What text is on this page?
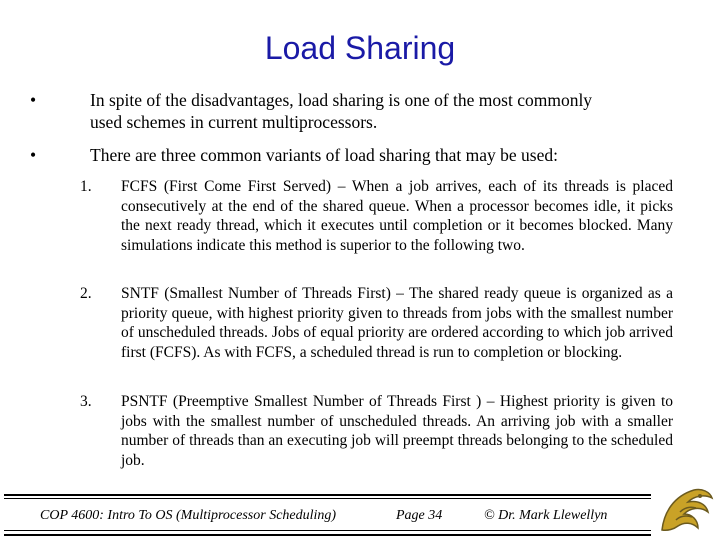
Load Sharing
•	In spite of the disadvantages, load sharing is one of the most commonly
used schemes in current multiprocessors.
•	There are three common variants of load sharing that may be used:
1.	FCFS (First Come First Served) – When a job arrives, each of its threads is placed consecutively at the end of the shared queue. When a processor becomes idle, it picks the next ready thread, which it executes until completion or it becomes blocked. Many simulations indicate this method is superior to the following two.
2.	SNTF (Smallest Number of Threads First) – The shared ready queue is organized as a priority queue, with highest priority given to threads from jobs with the smallest number of unscheduled threads. Jobs of equal priority are ordered according to which job arrived first (FCFS). As with FCFS, a scheduled thread is run to completion or blocking.
3.	PSNTF (Preemptive Smallest Number of Threads First ) – Highest priority is given to jobs with the smallest number of unscheduled threads. An arriving job with a smaller number of threads than an executing job will preempt threads belonging to the scheduled job.
COP 4600: Intro To OS (Multiprocessor Scheduling)	Page 34	© Dr. Mark Llewellyn
